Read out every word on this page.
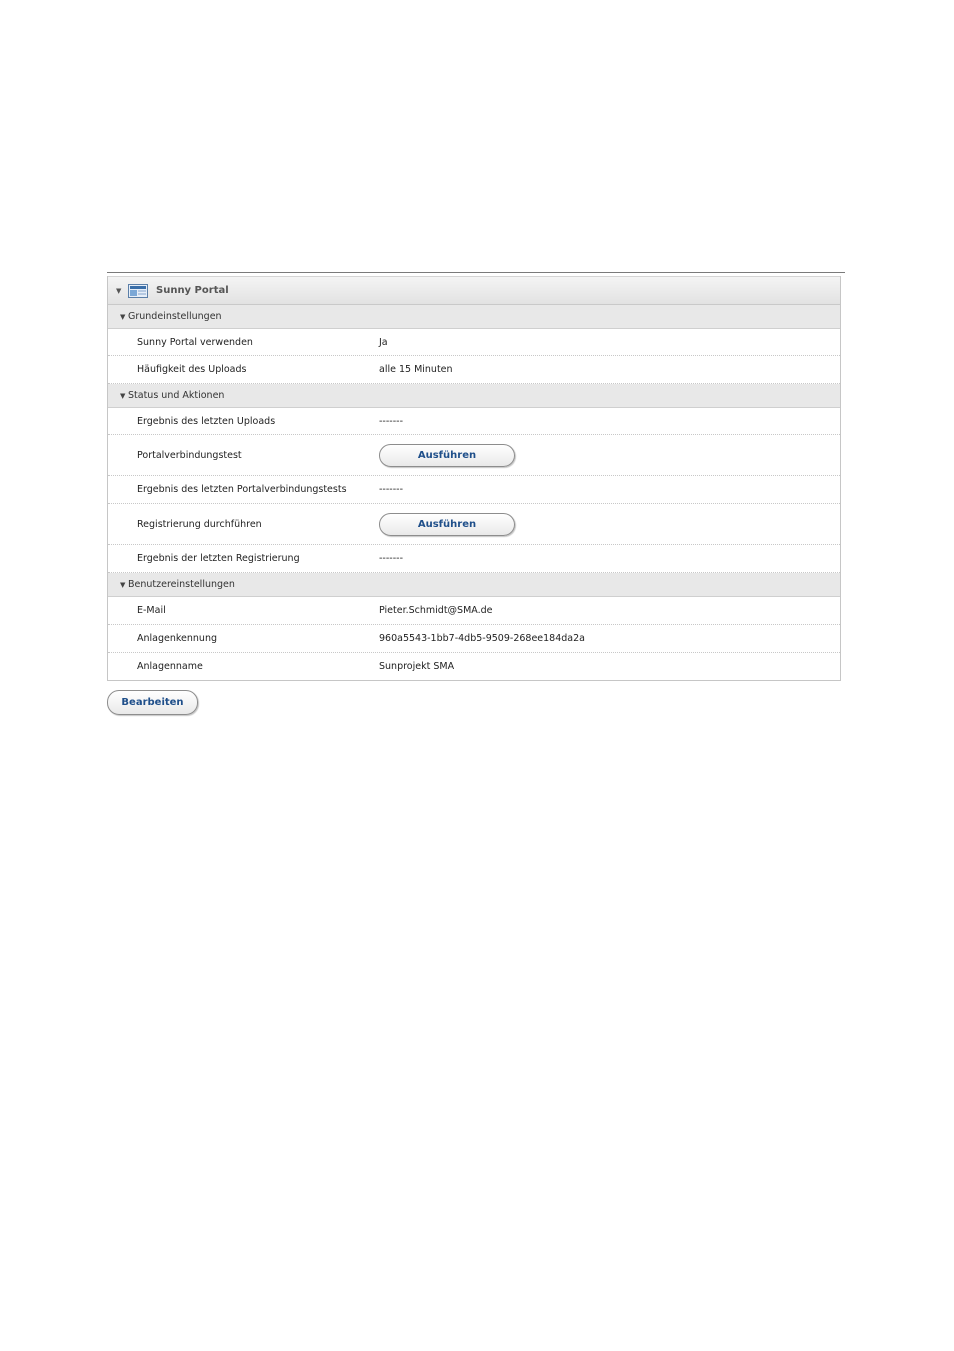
▼	Sunny Portal
▼ Grundeinstellungen
Sunny Portal verwenden	Ja
Häufigkeit des Uploads	alle 15 Minuten
▼ Status und Aktionen
Ergebnis des letzten Uploads	-------
Portalverbindungstest	Ausführen
Ergebnis des letzten Portalverbindungstests	-------
Registrierung durchführen	Ausführen
Ergebnis der letzten Registrierung	-------
▼ Benutzereinstellungen
E-Mail	Pieter.Schmidt@SMA.de
Anlagenkennung	960a5543-1bb7-4db5-9509-268ee184da2a
Anlagenname	Sunprojekt SMA
Bearbeiten
